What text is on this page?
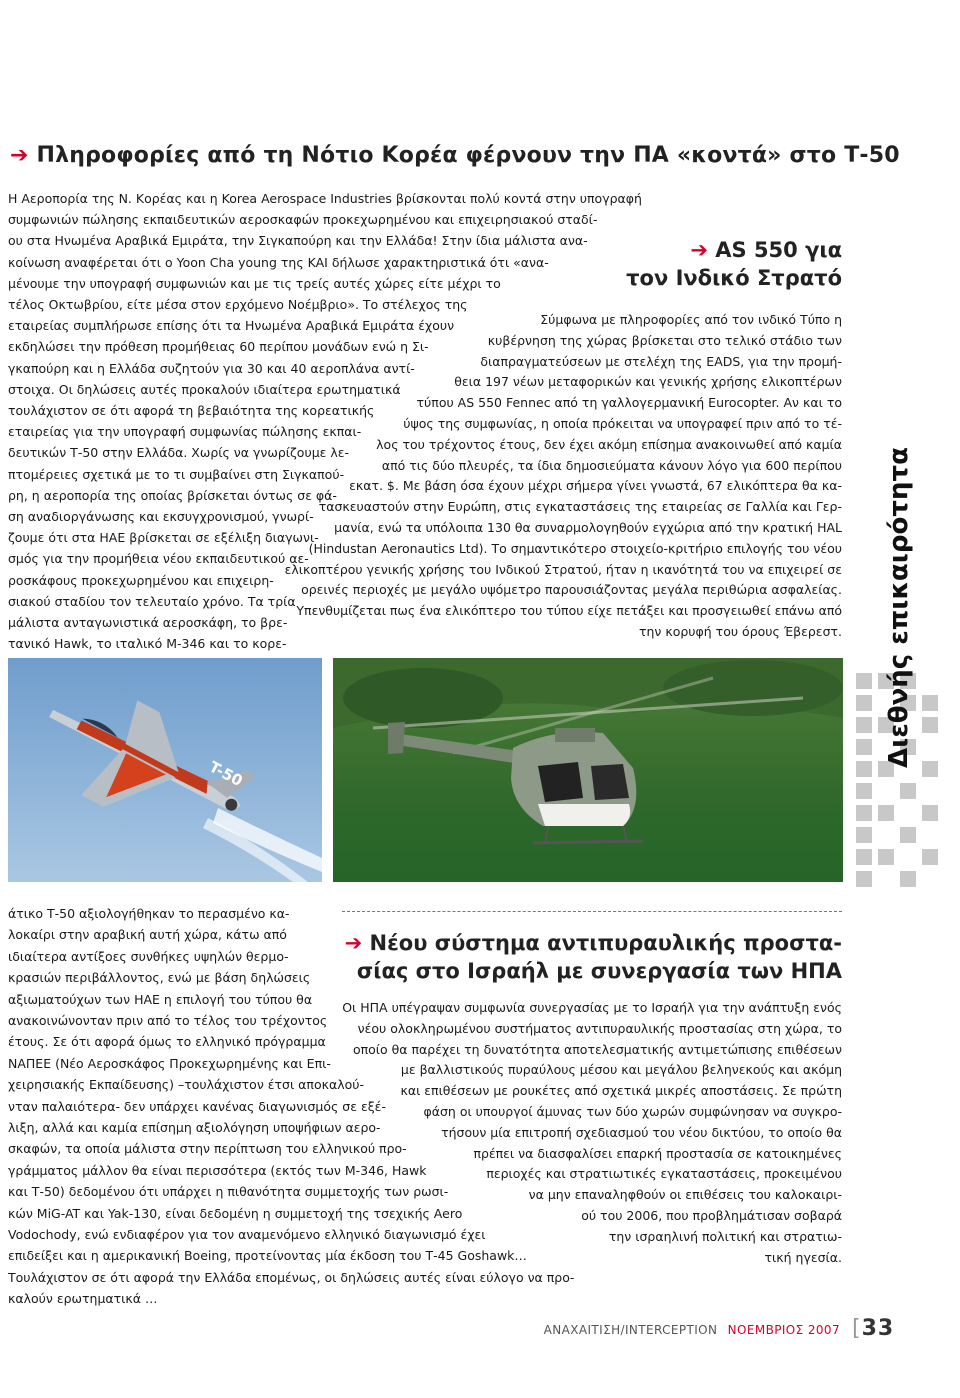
➔ Πληροφορίες από τη Νότιο Κορέα φέρνουν την ΠΑ «κοντά» στο Τ-50
Η Αεροπορία της Ν. Κορέας και η Korea Aerospace Industries βρίσκονται πολύ κοντά στην υπογραφή
συμφωνιών πώλησης εκπαιδευτικών αεροσκαφών προκεχωρημένου και επιχειρησιακού σταδί-
ου στα Ηνωμένα Αραβικά Εμιράτα, την Σιγκαπούρη και την Ελλάδα! Στην ίδια μάλιστα ανα-
κοίνωση αναφέρεται ότι ο Yoon Cha young της KAI δήλωσε χαρακτηριστικά ότι «ανα-
μένουμε την υπογραφή συμφωνιών και με τις τρείς αυτές χώρες είτε μέχρι το
τέλος Οκτωβρίου, είτε μέσα στον ερχόμενο Νοέμβριο». Το στέλεχος της
εταιρείας συμπλήρωσε επίσης ότι τα Ηνωμένα Αραβικά Εμιράτα έχουν
εκδηλώσει την πρόθεση προμήθειας 60 περίπου μονάδων ενώ η Σι-
γκαπούρη και η Ελλάδα συζητούν για 30 και 40 αεροπλάνα αντί-
στοιχα. Οι δηλώσεις αυτές προκαλούν ιδιαίτερα ερωτηματικά
τουλάχιστον σε ότι αφορά τη βεβαιότητα της κορεατικής
εταιρείας για την υπογραφή συμφωνίας πώλησης εκπαι-
δευτικών Τ-50 στην Ελλάδα. Χωρίς να γνωρίζουμε λε-
πτομέρειες σχετικά με το τι συμβαίνει στη Σιγκαπού-
ρη, η αεροπορία της οποίας βρίσκεται όντως σε φά-
ση αναδιοργάνωσης και εκσυγχρονισμού, γνωρί-
ζουμε ότι στα ΗΑΕ βρίσκεται σε εξέλιξη διαγωνι-
σμός για την προμήθεια νέου εκπαιδευτικού αε-
ροσκάφους προκεχωρημένου και επιχειρη-
σιακού σταδίου τον τελευταίο χρόνο. Τα τρία
μάλιστα ανταγωνιστικά αεροσκάφη, το βρε-
τανικό Hawk, το ιταλικό Μ-346 και το κορε-
➔ AS 550 για
τον Ινδικό Στρατό
Σύμφωνα με πληροφορίες από τον ινδικό Τύπο η
κυβέρνηση της χώρας βρίσκεται στο τελικό στάδιο των
διαπραγματεύσεων με στελέχη της EADS, για την προμή-
θεια 197 νέων μεταφορικών και γενικής χρήσης ελικοπτέρων
τύπου AS 550 Fennec από τη γαλλογερμανική Eurocopter. Αν και το
ύψος της συμφωνίας, η οποία πρόκειται να υπογραφεί πριν από το τέ-
λος του τρέχοντος έτους, δεν έχει ακόμη επίσημα ανακοινωθεί από καμία
από τις δύο πλευρές, τα ίδια δημοσιεύματα κάνουν λόγο για 600 περίπου
εκατ. $. Με βάση όσα έχουν μέχρι σήμερα γίνει γνωστά, 67 ελικόπτερα θα κα-
τασκευαστούν στην Ευρώπη, στις εγκαταστάσεις της εταιρείας σε Γαλλία και Γερ-
μανία, ενώ τα υπόλοιπα 130 θα συναρμολογηθούν εγχώρια από την κρατική HAL
(Hindustan Aeronautics Ltd). Το σημαντικότερο στοιχείο-κριτήριο επιλογής του νέου
ελικοπτέρου γενικής χρήσης του Ινδικού Στρατού, ήταν η ικανότητά του να επιχειρεί σε
ορεινές περιοχές με μεγάλο υψόμετρο παρουσιάζοντας μεγάλα περιθώρια ασφαλείας.
Υπενθυμίζεται πως ένα ελικόπτερο του τύπου είχε πετάξει και προσγειωθεί επάνω από
την κορυφή του όρους Έβερεστ.
T-50
Διεθνής επικαιρότητα
άτικο Τ-50 αξιολογήθηκαν το περασμένο κα-
λοκαίρι στην αραβική αυτή χώρα, κάτω από
ιδιαίτερα αντίξοες συνθήκες υψηλών θερμο-
κρασιών περιβάλλοντος, ενώ με βάση δηλώσεις
αξιωματούχων των ΗΑΕ η επιλογή του τύπου θα
ανακοινώνονταν πριν από το τέλος του τρέχοντος
έτους. Σε ότι αφορά όμως το ελληνικό πρόγραμμα
ΝΑΠΕΕ (Νέο Αεροσκάφος Προκεχωρημένης και Επι-
χειρησιακής Εκπαίδευσης) –τουλάχιστον έτσι αποκαλού-
νταν παλαιότερα- δεν υπάρχει κανένας διαγωνισμός σε εξέ-
λιξη, αλλά και καμία επίσημη αξιολόγηση υποψήφιων αερο-
σκαφών, τα οποία μάλιστα στην περίπτωση του ελληνικού προ-
γράμματος μάλλον θα είναι περισσότερα (εκτός των Μ-346, Hawk
και Τ-50) δεδομένου ότι υπάρχει η πιθανότητα συμμετοχής των ρωσι-
κών MiG-AT και Yak-130, είναι δεδομένη η συμμετοχή της τσεχικής Aero
Vodochody, ενώ ενδιαφέρον για τον αναμενόμενο ελληνικό διαγωνισμό έχει
επιδείξει και η αμερικανική Boeing, προτείνοντας μία έκδοση του Τ-45 Goshawk…
Τουλάχιστον σε ότι αφορά την Ελλάδα επομένως, οι δηλώσεις αυτές είναι εύλογο να προ-
καλούν ερωτηματικά …
➔ Νέου σύστημα αντιπυραυλικής προστα-
σίας στο Ισραήλ με συνεργασία των ΗΠΑ
Οι ΗΠΑ υπέγραψαν συμφωνία συνεργασίας με το Ισραήλ για την ανάπτυξη ενός
νέου ολοκληρωμένου συστήματος αντιπυραυλικής προστασίας στη χώρα, το
οποίο θα παρέχει τη δυνατότητα αποτελεσματικής αντιμετώπισης επιθέσεων
με βαλλιστικούς πυραύλους μέσου και μεγάλου βεληνεκούς και ακόμη
και επιθέσεων με ρουκέτες από σχετικά μικρές αποστάσεις. Σε πρώτη
φάση οι υπουργοί άμυνας των δύο χωρών συμφώνησαν να συγκρο-
τήσουν μία επιτροπή σχεδιασμού του νέου δικτύου, το οποίο θα
πρέπει να διασφαλίσει επαρκή προστασία σε κατοικημένες
περιοχές και στρατιωτικές εγκαταστάσεις, προκειμένου
να μην επαναληφθούν οι επιθέσεις του καλοκαιρι-
ού του 2006, που προβλημάτισαν σοβαρά
την ισραηλινή πολιτική και στρατιω-
τική ηγεσία.
ΑΝΑΧΑΙΤΙΣΗ/INTERCEPTION ΝΟΕΜΒΡΙΟΣ 2007 [33
